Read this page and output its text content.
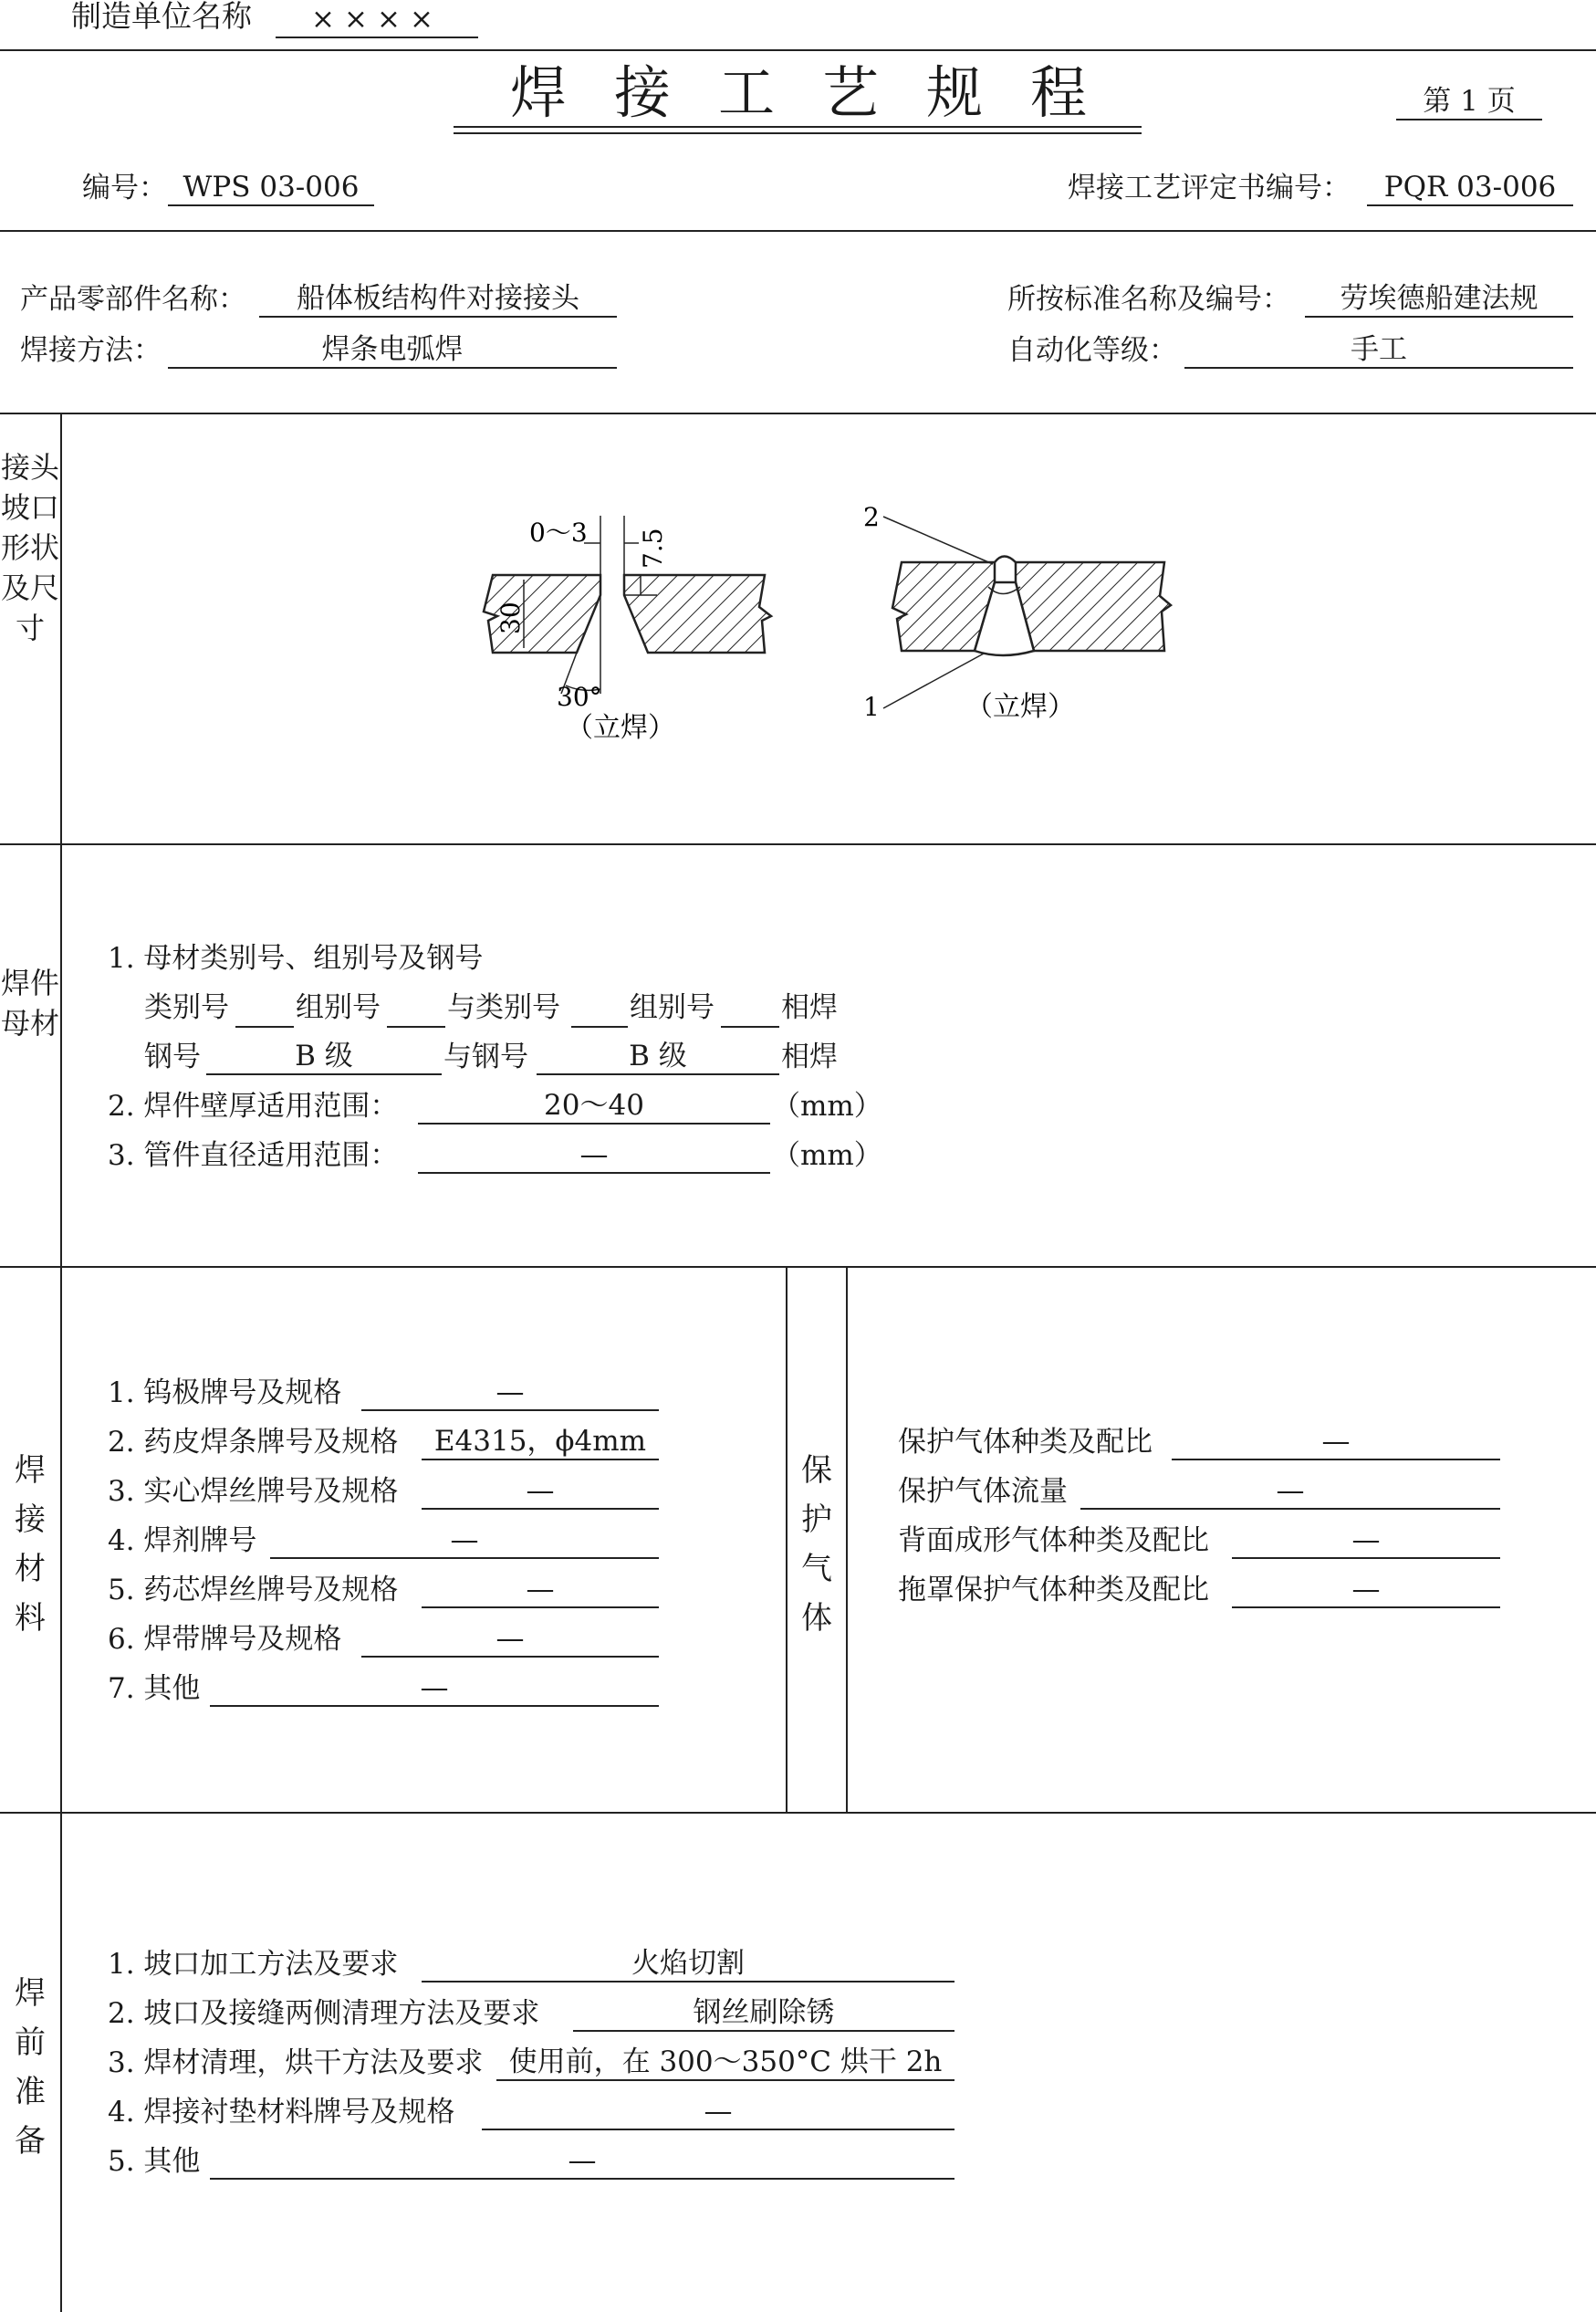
制造单位名称	××××
焊接工艺规程	第 1 页
编号： WPS 03-006	焊接工艺评定书编号：	PQR 03-006
产品零部件名称：	船体板结构件对接接头
焊接方法：	焊条电弧焊
所按标准名称及编号：	劳埃德船建法规
自动化等级：	手工
接头坡口形状及尺寸
焊件母材
焊接材料
保护气体
焊前准备
0～3 7.5
30
30°
（立焊）
2
1	（立焊）
1. 母材类别号、组别号及钢号
类别号 组别号 与类别号 组别号 相焊
钢号	B 级	与钢号	B 级	相焊
2. 焊件壁厚适用范围：	20～40	（mm）
3. 管件直径适用范围：	—	（mm）
1. 钨极牌号及规格	—
2. 药皮焊条牌号及规格	E4315，ϕ4mm
3. 实心焊丝牌号及规格	—
4. 焊剂牌号	—
5. 药芯焊丝牌号及规格	—
6. 焊带牌号及规格	—
7. 其他	—
保护气体种类及配比	—
保护气体流量	—
背面成形气体种类及配比	—
拖罩保护气体种类及配比	—
1. 坡口加工方法及要求	火焰切割
2. 坡口及接缝两侧清理方法及要求	钢丝刷除锈
3. 焊材清理，烘干方法及要求 使用前，在 300～350°C 烘干 2h
4. 焊接衬垫材料牌号及规格	—
5. 其他	—
